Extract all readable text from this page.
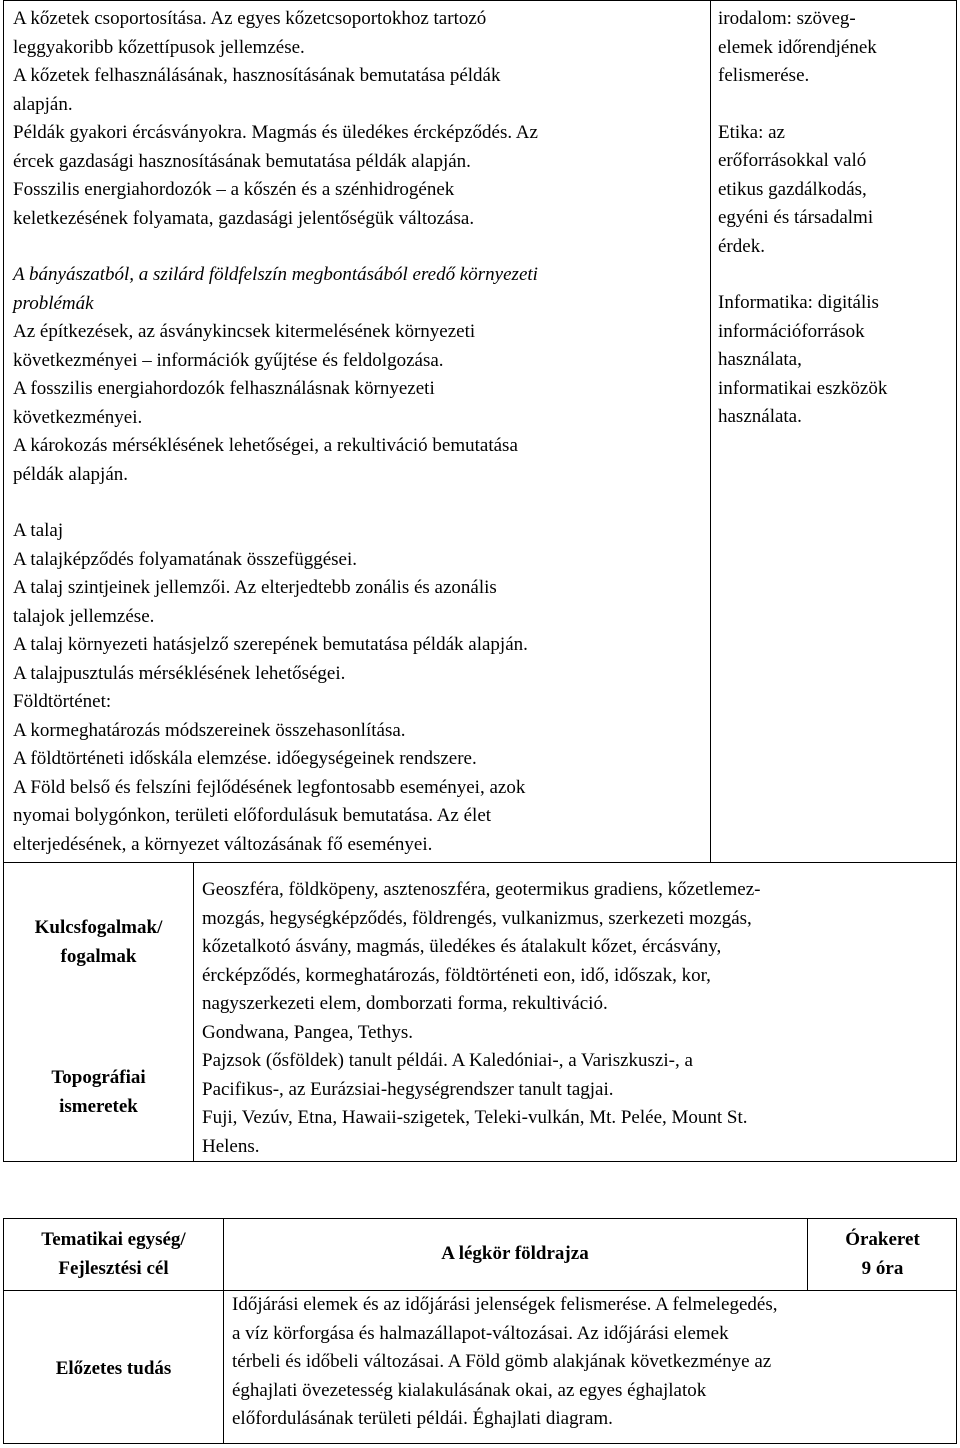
A kőzetek csoportosítása. Az egyes kőzetcsoportokhoz tartozó
leggyakoribb kőzettípusok jellemzése.
A kőzetek felhasználásának, hasznosításának bemutatása példák
alapján.
Példák gyakori ércásványokra. Magmás és üledékes ércképződés. Az
ércek gazdasági hasznosításának bemutatása példák alapján.
Fosszilis energiahordozók – a kőszén és a szénhidrogének
keletkezésének folyamata, gazdasági jelentőségük változása.
A bányászatból, a szilárd földfelszín megbontásából eredő környezeti
problémák
Az építkezések, az ásványkincsek kitermelésének környezeti
következményei – információk gyűjtése és feldolgozása.
A fosszilis energiahordozók felhasználásnak környezeti
következményei.
A károkozás mérséklésének lehetőségei, a rekultiváció bemutatása
példák alapján.
A talaj
A talajképződés folyamatának összefüggései.
A talaj szintjeinek jellemzői. Az elterjedtebb zonális és azonális
talajok jellemzése.
A talaj környezeti hatásjelző szerepének bemutatása példák alapján.
A talajpusztulás mérséklésének lehetőségei.
Földtörténet:
A kormeghatározás módszereinek összehasonlítása.
A földtörténeti időskála elemzése. időegységeinek rendszere.
A Föld belső és felszíni fejlődésének legfontosabb eseményei, azok
nyomai bolygónkon, területi előfordulásuk bemutatása. Az élet
elterjedésének, a környezet változásának fő eseményei.
irodalom: szöveg-
elemek időrendjének
felismerése.
Etika: az
erőforrásokkal való
etikus gazdálkodás,
egyéni és társadalmi
érdek.
Informatika: digitális
információforrások
használata,
informatikai eszközök
használata.
Kulcsfogalmak/
fogalmak
Topográfiai
ismeretek
Geoszféra, földköpeny, asztenoszféra, geotermikus gradiens, kőzetlemez-
mozgás, hegységképződés, földrengés, vulkanizmus, szerkezeti mozgás,
kőzetalkotó ásvány, magmás, üledékes és átalakult kőzet, ércásvány,
ércképződés, kormeghatározás, földtörténeti eon, idő, időszak, kor,
nagyszerkezeti elem, domborzati forma, rekultiváció.
Gondwana, Pangea, Tethys.
Pajzsok (ősföldek) tanult példái. A Kaledóniai-, a Variszkuszi-, a
Pacifikus-, az Eurázsiai-hegységrendszer tanult tagjai.
Fuji, Vezúv, Etna, Hawaii-szigetek, Teleki-vulkán, Mt. Pelée, Mount St.
Helens.
Tematikai egység/
Fejlesztési cél
A légkör földrajza
Órakeret
9 óra
Előzetes tudás
Időjárási elemek és az időjárási jelenségek felismerése. A felmelegedés,
a víz körforgása és halmazállapot-változásai. Az időjárási elemek
térbeli és időbeli változásai. A Föld gömb alakjának következménye az
éghajlati övezetesség kialakulásának okai, az egyes éghajlatok
előfordulásának területi példái. Éghajlati diagram.
